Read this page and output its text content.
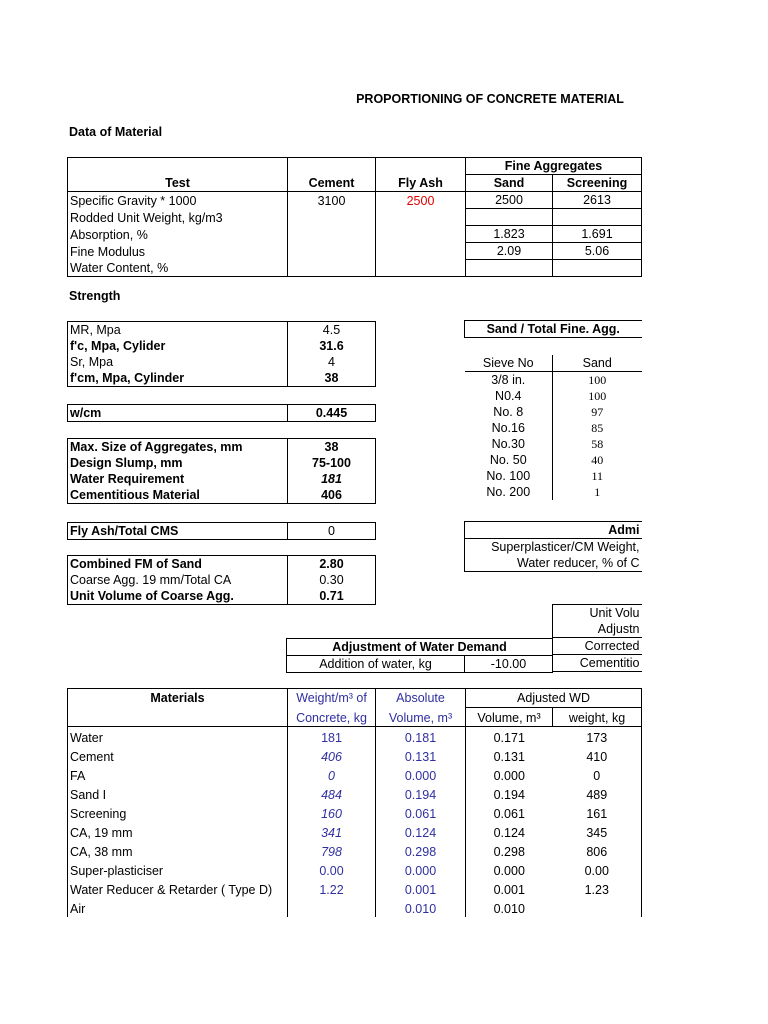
PROPORTIONING OF CONCRETE MATERIAL
Data of Material
			Fine Aggregates	
Test	Cement	Fly Ash	Sand	Screening
Specific Gravity * 1000	3100	2500	2500	2613
Rodded Unit Weight, kg/m3				
Absorption, %			1.823	1.691
Fine Modulus			2.09	5.06
Water Content, %				
Strength
MR, Mpa	4.5
f'c, Mpa, Cylider	31.6
Sr, Mpa	4
f'cm, Mpa, Cylinder	38
w/cm	0.445
Max. Size of Aggregates, mm	38
Design Slump, mm	75-100
Water Requirement	181
Cementitious Material	406
Fly Ash/Total CMS	0
Combined FM of Sand	2.80
Coarse Agg. 19 mm/Total CA	0.30
Unit Volume of Coarse Agg.	0.71
Sand / Total Fine. Agg.	

Sieve No	Sand
3/8 in.	100
N0.4	100
No. 8	97
No.16	85
No.30	58
No. 50	40
No. 100	11
No. 200	1
Admi
Superplasticer/CM Weight,
Water reducer, % of C
Unit Volu
Adjustn
Corrected
Cementitio
Adjustment of Water Demand
Addition of water, kg	-10.00
Materials	Weight/m³ of	Absolute	Adjusted WD	
	Concrete, kg	Volume, m³	Volume, m³	weight, kg
Water	181	0.181	0.171	173
Cement	406	0.131	0.131	410
FA	0	0.000	0.000	0
Sand I	484	0.194	0.194	489
Screening	160	0.061	0.061	161
CA, 19 mm	341	0.124	0.124	345
CA, 38 mm	798	0.298	0.298	806
Super-plasticiser	0.00	0.000	0.000	0.00
Water Reducer & Retarder ( Type D)	1.22	0.001	0.001	1.23
Air		0.010	0.010	
